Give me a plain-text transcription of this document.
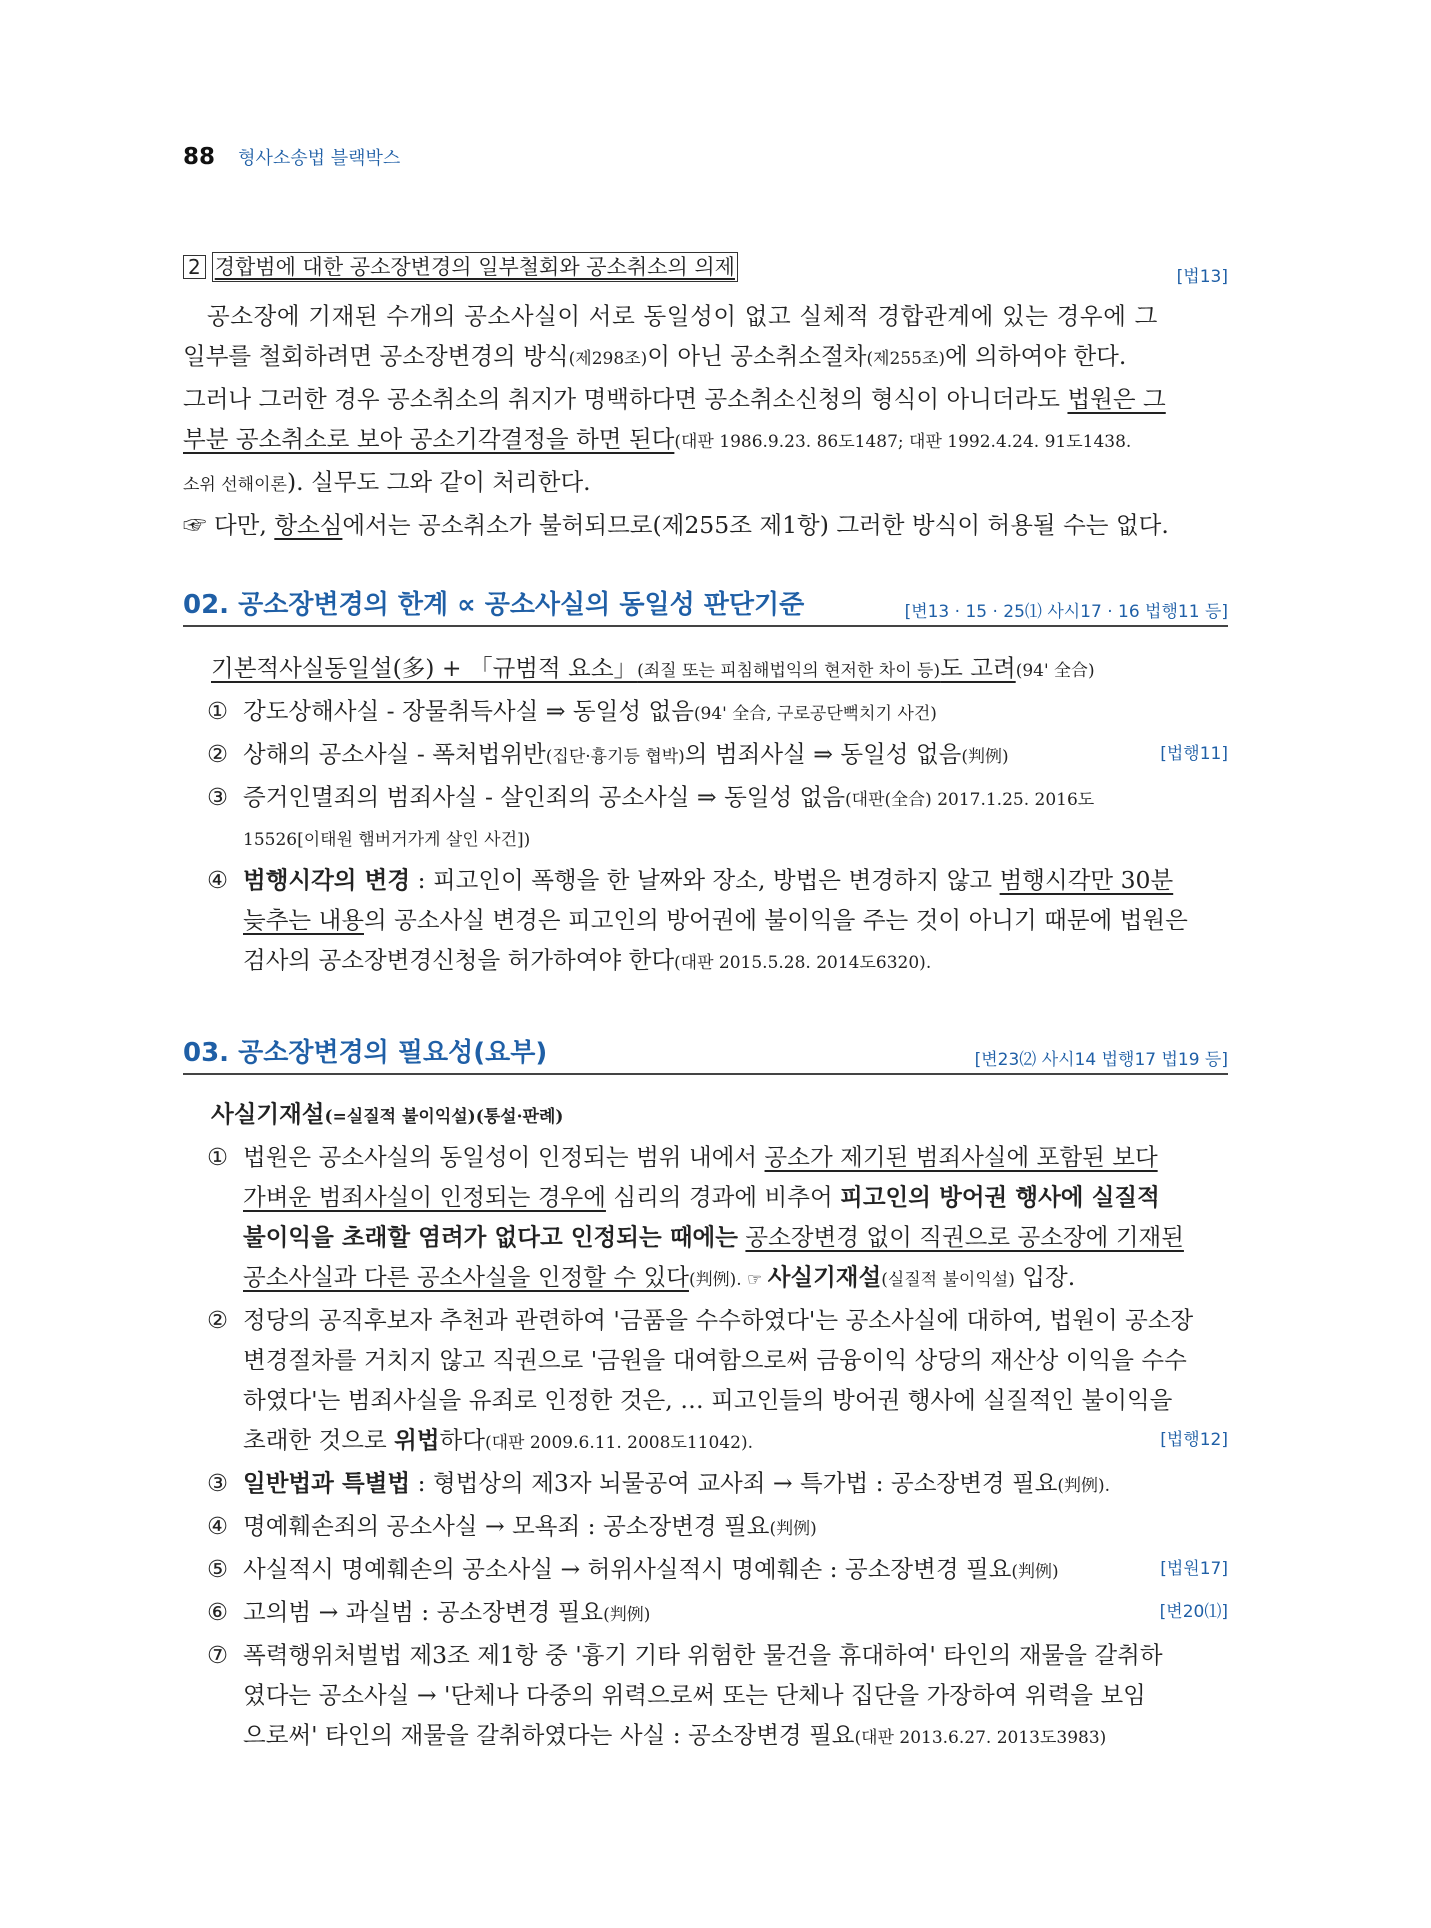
88 형사소송법 블랙박스
2 경합범에 대한 공소장변경의 일부철회와 공소취소의 의제	[법13]
공소장에 기재된 수개의 공소사실이 서로 동일성이 없고 실체적 경합관계에 있는 경우에 그
일부를 철회하려면 공소장변경의 방식(제298조)이 아닌 공소취소절차(제255조)에 의하여야 한다.
그러나 그러한 경우 공소취소의 취지가 명백하다면 공소취소신청의 형식이 아니더라도 법원은 그
부분 공소취소로 보아 공소기각결정을 하면 된다(대판 1986.9.23. 86도1487; 대판 1992.4.24. 91도1438.
소위 선해이론). 실무도 그와 같이 처리한다.
☞ 다만, 항소심에서는 공소취소가 불허되므로(제255조 제1항) 그러한 방식이 허용될 수는 없다.
02. 공소장변경의 한계 ∝ 공소사실의 동일성 판단기준	[변13 · 15 · 25⑴ 사시17 · 16 법행11 등]
기본적사실동일설(多) + 「규범적 요소」(죄질 또는 피침해법익의 현저한 차이 등)도 고려(94' 全合)
① 강도상해사실 - 장물취득사실 ⇒ 동일성 없음(94' 全合, 구로공단뻑치기 사건)
② 상해의 공소사실 - 폭처법위반(집단·흉기등 협박)의 범죄사실 ⇒ 동일성 없음(判例)	[법행11]
③ 증거인멸죄의 범죄사실 - 살인죄의 공소사실 ⇒ 동일성 없음(대판(全合) 2017.1.25. 2016도
15526[이태원 햄버거가게 살인 사건])
④ 범행시각의 변경 : 피고인이 폭행을 한 날짜와 장소, 방법은 변경하지 않고 범행시각만 30분
늦추는 내용의 공소사실 변경은 피고인의 방어권에 불이익을 주는 것이 아니기 때문에 법원은
검사의 공소장변경신청을 허가하여야 한다(대판 2015.5.28. 2014도6320).
03. 공소장변경의 필요성(요부)	[변23⑵ 사시14 법행17 법19 등]
사실기재설(=실질적 불이익설)(통설·판례)
① 법원은 공소사실의 동일성이 인정되는 범위 내에서 공소가 제기된 범죄사실에 포함된 보다
가벼운 범죄사실이 인정되는 경우에 심리의 경과에 비추어 피고인의 방어권 행사에 실질적
불이익을 초래할 염려가 없다고 인정되는 때에는 공소장변경 없이 직권으로 공소장에 기재된
공소사실과 다른 공소사실을 인정할 수 있다(判例). ☞ 사실기재설(실질적 불이익설) 입장.
② 정당의 공직후보자 추천과 관련하여 '금품을 수수하였다'는 공소사실에 대하여, 법원이 공소장
변경절차를 거치지 않고 직권으로 '금원을 대여함으로써 금융이익 상당의 재산상 이익을 수수
하였다'는 범죄사실을 유죄로 인정한 것은, … 피고인들의 방어권 행사에 실질적인 불이익을
초래한 것으로 위법하다(대판 2009.6.11. 2008도11042).	[법행12]
③ 일반법과 특별법 : 형법상의 제3자 뇌물공여 교사죄 → 특가법 : 공소장변경 필요(判例).
④ 명예훼손죄의 공소사실 → 모욕죄 : 공소장변경 필요(判例)
⑤ 사실적시 명예훼손의 공소사실 → 허위사실적시 명예훼손 : 공소장변경 필요(判例)	[법원17]
⑥ 고의범 → 과실범 : 공소장변경 필요(判例)	[변20⑴]
⑦ 폭력행위처벌법 제3조 제1항 중 '흉기 기타 위험한 물건을 휴대하여' 타인의 재물을 갈취하
였다는 공소사실 → '단체나 다중의 위력으로써 또는 단체나 집단을 가장하여 위력을 보임
으로써' 타인의 재물을 갈취하였다는 사실 : 공소장변경 필요(대판 2013.6.27. 2013도3983)
